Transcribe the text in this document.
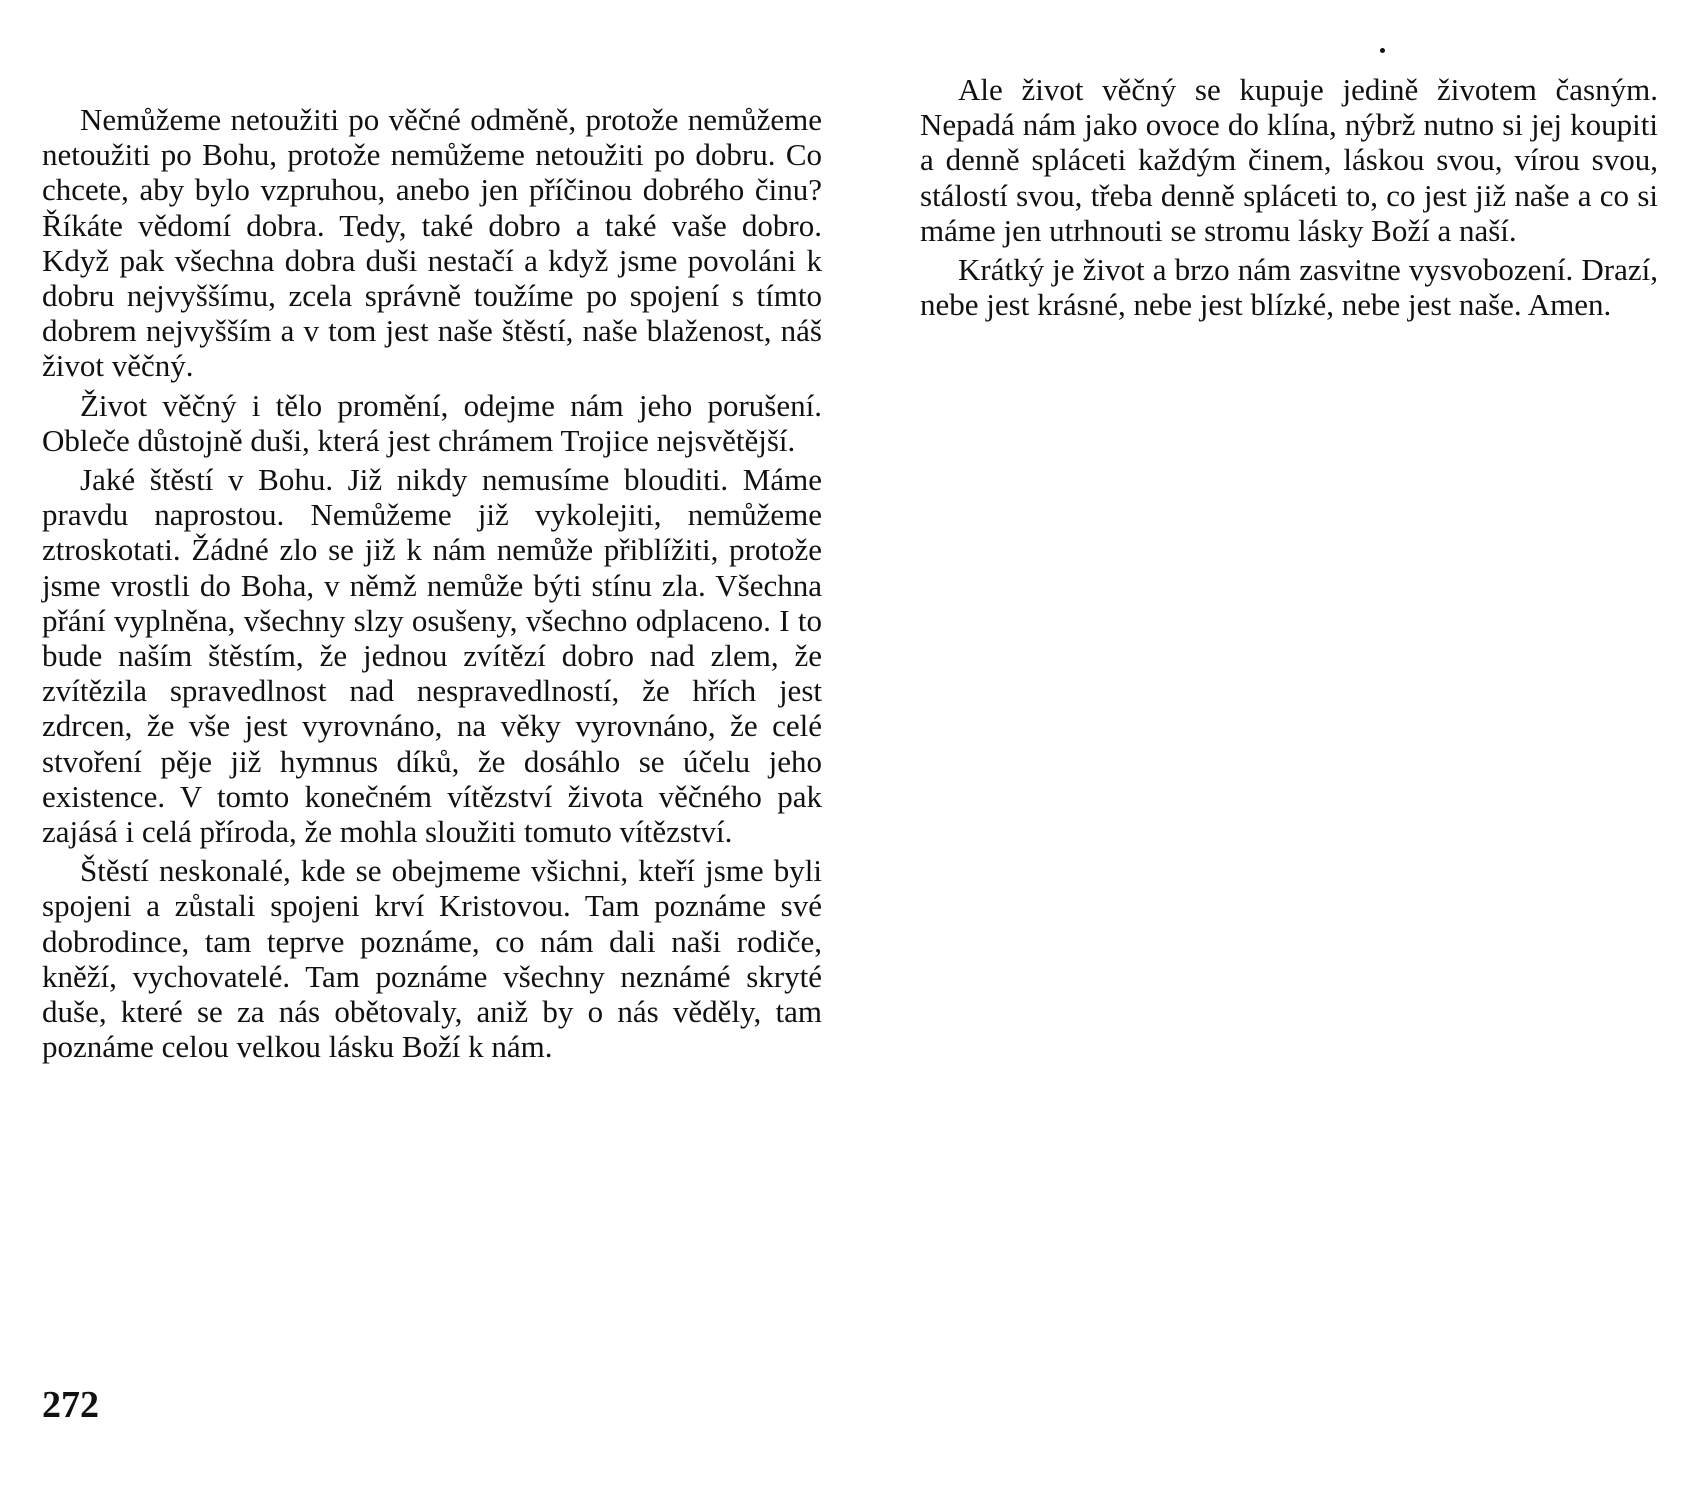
Nemůžeme netoužiti po věčné odměně, protože nemůžeme netoužiti po Bohu, protože nemůžeme netoužiti po dobru. Co chcete, aby bylo vzpruhou, anebo jen příčinou dobrého činu? Říkáte vědomí dobra. Tedy, také dobro a také vaše dobro. Když pak všechna dobra duši nestačí a když jsme povoláni k dobru nejvyššímu, zcela správně toužíme po spojení s tímto dobrem nejvyšším a v tom jest naše štěstí, naše blaženost, náš život věčný.

Život věčný i tělo promění, odejme nám jeho porušení. Obleče důstojně duši, která jest chrámem Trojice nejsvětější.

Jaké štěstí v Bohu. Již nikdy nemusíme blouditi. Máme pravdu naprostou. Nemůžeme již vykolejiti, nemůžeme ztroskotati. Žádné zlo se již k nám nemůže přiblížiti, protože jsme vrostli do Boha, v němž nemůže býti stínu zla. Všechna přání vyplněna, všechny slzy osušeny, všechno odplaceno. I to bude naším štěstím, že jednou zvítězí dobro nad zlem, že zvítězila spravedlnost nad nespravedlností, že hřích jest zdrcen, že vše jest vyrovnáno, na věky vyrovnáno, že celé stvoření pěje již hymnus díků, že dosáhlo se účelu jeho existence. V tomto konečném vítězství života věčného pak zajásá i celá příroda, že mohla sloužiti tomuto vítězství.

Štěstí neskonalé, kde se obejmeme všichni, kteří jsme byli spojeni a zůstali spojeni krví Kristovou. Tam poznáme své dobrodince, tam teprve poznáme, co nám dali naši rodiče, kněží, vychovatelé. Tam poznáme všechny neznámé skryté duše, které se za nás obětovaly, aniž by o nás věděly, tam poznáme celou velkou lásku Boží k nám.

Ale život věčný se kupuje jedině životem časným. Nepadá nám jako ovoce do klína, nýbrž nutno si jej koupiti a denně spláceti každým činem, láskou svou, vírou svou, stálostí svou, třeba denně spláceti to, co jest již naše a co si máme jen utrhnouti se stromu lásky Boží a naší.

Krátký je život a brzo nám zasvitne vysvobození. Drazí, nebe jest krásné, nebe jest blízké, nebe jest naše. Amen.

272
